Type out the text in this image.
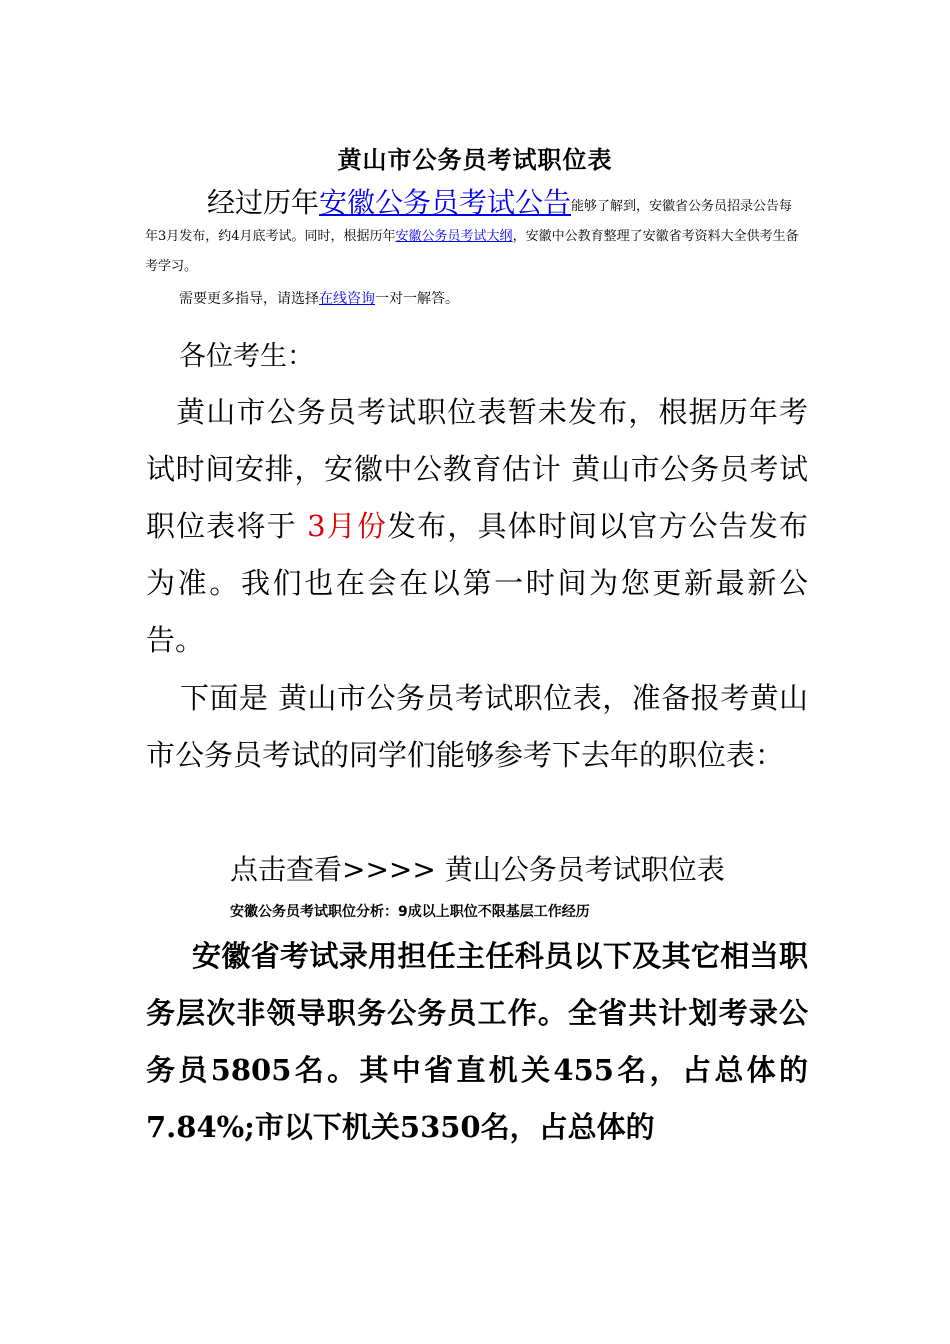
黄山市公务员考试职位表
经过历年安徽公务员考试公告能够了解到，安徽省公务员招录公告每年3月发布，约4月底考试。同时，根据历年安徽公务员考试大纲，安徽中公教育整理了安徽省考资料大全供考生备考学习。
需要更多指导，请选择在线咨询一对一解答。
各位考生：
　黄山市公务员考试职位表暂未发布，根据历年考试时间安排，安徽中公教育估计 黄山市公务员考试职位表将于 3月份发布，具体时间以官方公告发布为准。我们也在会在以第一时间为您更新最新公告。
下面是 黄山市公务员考试职位表，准备报考黄山市公务员考试的同学们能够参考下去年的职位表：
点击查看>>>> 黄山公务员考试职位表
安徽公务员考试职位分析：9成以上职位不限基层工作经历
安徽省考试录用担任主任科员以下及其它相当职务层次非领导职务公务员工作。全省共计划考录公务员5805名。其中省直机关455名，占总体的7.84%;市以下机关5350名，占总体的
